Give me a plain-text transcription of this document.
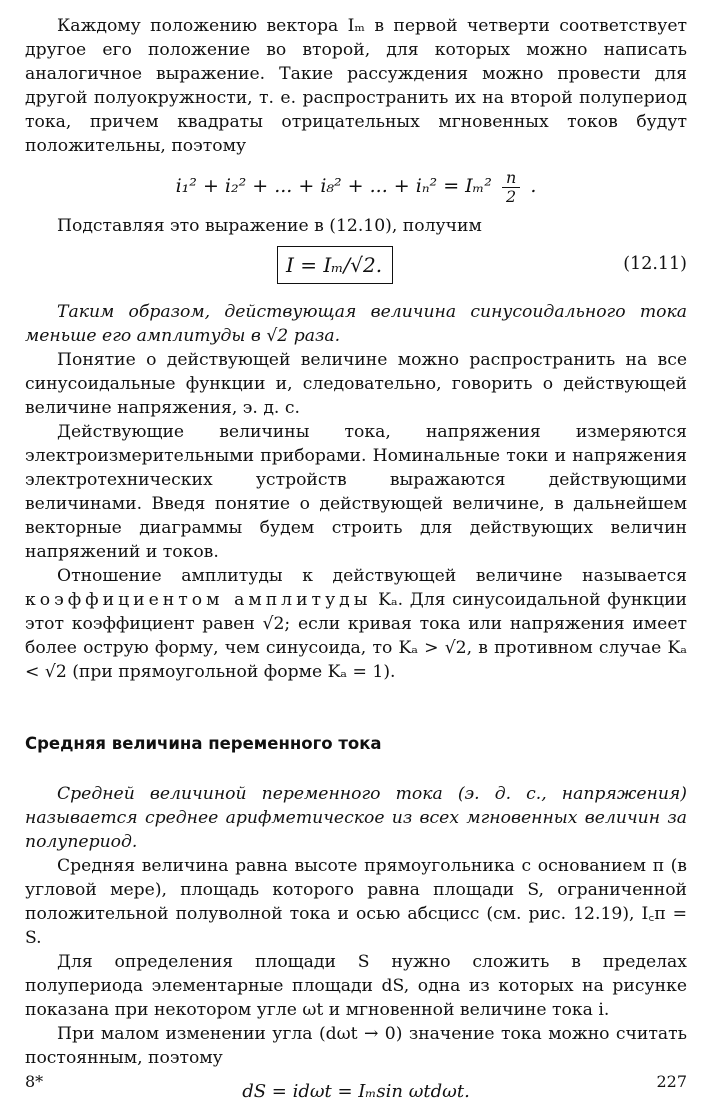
Каждому положению вектора Iₘ в первой четверти соответствует другое его положение во второй, для которых можно написать аналогичное выражение. Такие рассуждения можно провести для другой полуокружности, т. е. распространить их на второй полупериод тока, причем квадраты отрицательных мгновенных токов будут положительны, поэтому

i₁² + i₂² + ... + i₈² + ... + $i_n^2 = I_m^2 \frac{n}{2}$ .

Подставляя это выражение в (12.10), получим

I = Iₘ/√2.	(12.11)

Таким образом, действующая величина синусоидального тока меньше его амплитуды в √2 раза.

Понятие о действующей величине можно распространить на все синусоидальные функции и, следовательно, говорить о действующей величине напряжения, э. д. с.

Действующие величины тока, напряжения измеряются электроизмерительными приборами. Номинальные токи и напряжения электротехнических устройств выражаются действующими величинами. Введя понятие о действующей величине, в дальнейшем векторные диаграммы будем строить для действующих величин напряжений и токов.

Отношение амплитуды к действующей величине называется коэффициентом амплитуды Kₐ. Для синусоидальной функции этот коэффициент равен √2; если кривая тока или напряжения имеет более острую форму, чем синусоида, то Kₐ > √2, в противном случае Kₐ < √2 (при прямоугольной форме Kₐ = 1).

Средняя величина переменного тока

Средней величиной переменного тока (э. д. с., напряжения) называется среднее арифметическое из всех мгновенных величин за полупериод.

Средняя величина равна высоте прямоугольника с основанием π (в угловой мере), площадь которого равна площади S, ограниченной положительной полуволной тока и осью абсцисс (см. рис. 12.19), I꜀π = S.

Для определения площади S нужно сложить в пределах полупериода элементарные площади dS, одна из которых на рисунке показана при некотором угле ωt и мгновенной величине тока i.

При малом изменении угла (dωt → 0) значение тока можно считать постоянным, поэтому

dS = idωt = Iₘsin ωtdωt.
8*	227
